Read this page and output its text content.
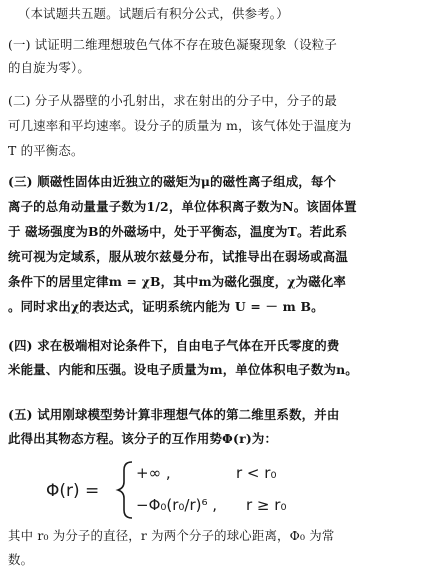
（本试题共五题。试题后有积分公式，供参考。）
(一) 试证明二维理想玻色气体不存在玻色凝聚现象（设粒子
的自旋为零）。
(二) 分子从器壁的小孔射出，求在射出的分子中，分子的最
可几速率和平均速率。设分子的质量为 m，该气体处于温度为
T 的平衡态。
(三) 顺磁性固体由近独立的磁矩为μ的磁性离子组成，每个
离子的总角动量量子数为1/2，单位体积离子数为N。该固体置
于 磁场强度为B的外磁场中，处于平衡态，温度为T。若此系
统可视为定域系，服从玻尔兹曼分布，试推导出在弱场或高温
条件下的居里定律m = χB，其中m为磁化强度，χ为磁化率
。同时求出χ的表达式，证明系统内能为 U = － m B。
(四) 求在极端相对论条件下，自由电子气体在开氏零度的费
米能量、内能和压强。设电子质量为m，单位体积电子数为n。
(五) 试用刚球模型势计算非理想气体的第二维里系数，并由
此得出其物态方程。该分子的互作用势Φ(r)为：
Φ(r) =
+∞ ,	r < r₀
−Φ₀(r₀/r)⁶ , r ≥ r₀
其中 r₀ 为分子的直径，r 为两个分子的球心距离，Φ₀ 为常
数。
